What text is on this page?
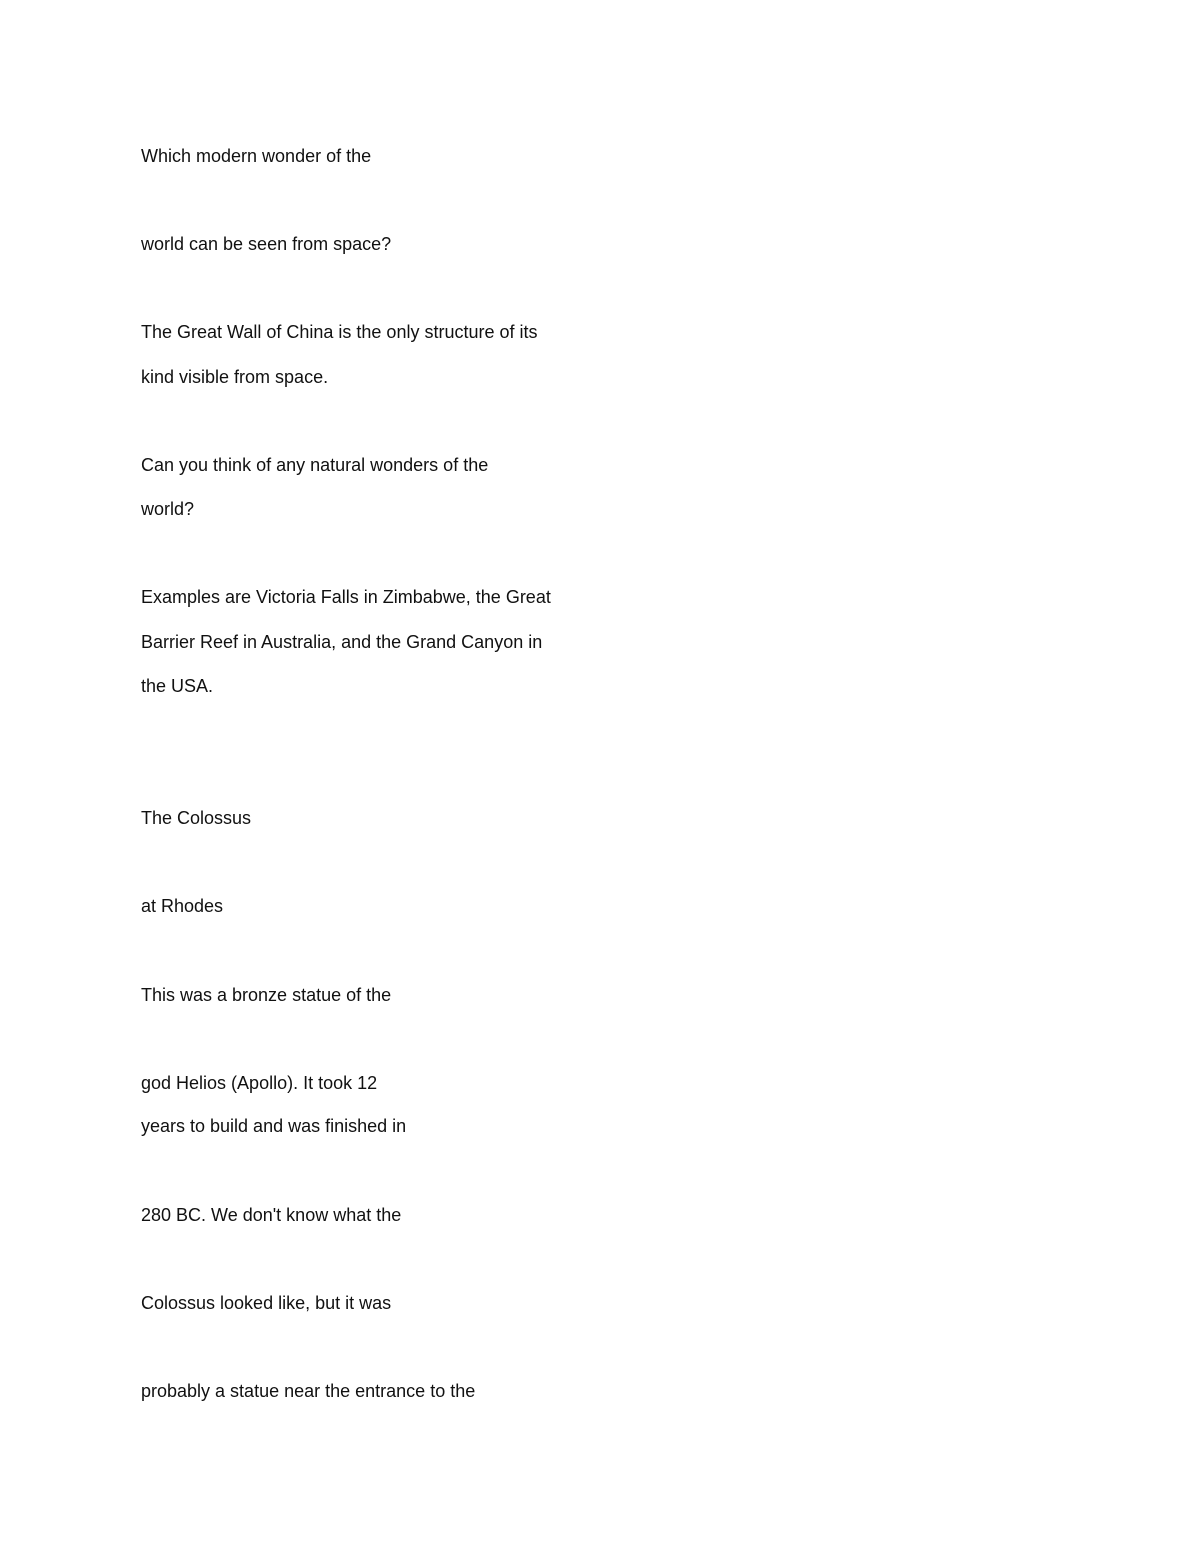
Which modern wonder of the

world can be seen from space?

The Great Wall of China is the only structure of its

kind visible from space.

Can you think of any natural wonders of the

world?

Examples are Victoria Falls in Zimbabwe, the Great

Barrier Reef in Australia, and the Grand Canyon in

the USA.

The Colossus

at Rhodes

This was a bronze statue of the

god Helios (Apollo). It took 12

years to build and was finished in

280 BC. We don't know what the

Colossus looked like, but it was

probably a statue near the entrance to the
